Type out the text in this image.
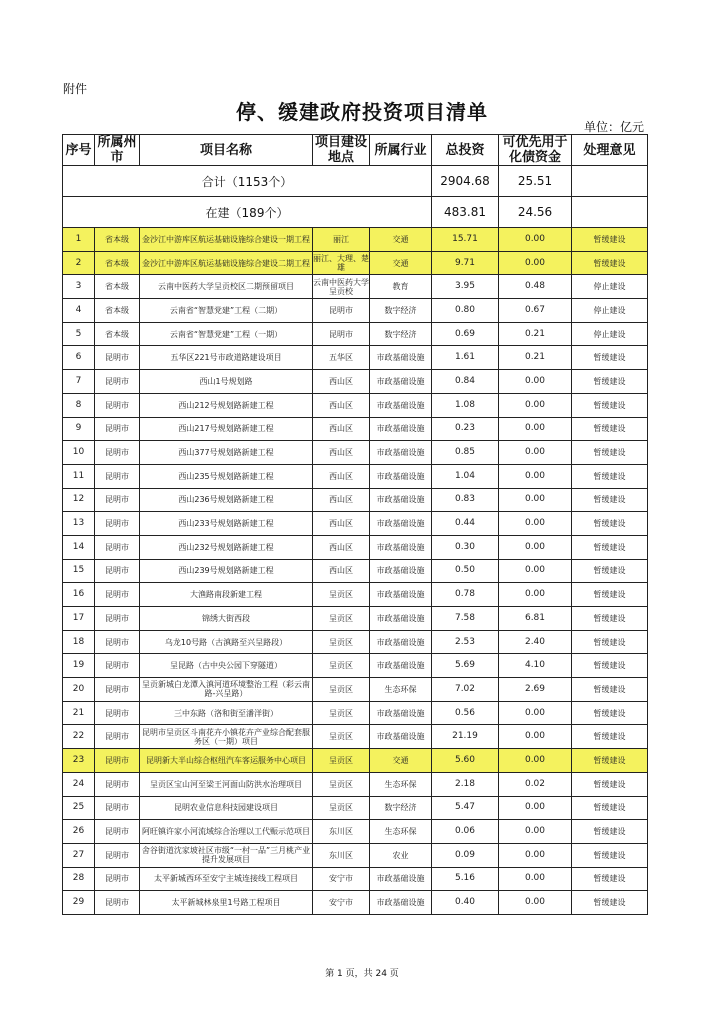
附件
停、缓建政府投资项目清单
单位：亿元
序号	所属州市	项目名称	项目建设地点	所属行业	总投资	可优先用于化债资金	处理意见
合计（1153个）					2904.68	25.51	
在建（189个）					483.81	24.56	
1	省本级	金沙江中游库区航运基础设施综合建设一期工程	丽江	交通	15.71	0.00	暂缓建设
2	省本级	金沙江中游库区航运基础设施综合建设二期工程	丽江、大理、楚雄	交通	9.71	0.00	暂缓建设
3	省本级	云南中医药大学呈贡校区二期预留项目	云南中医药大学呈贡校	教育	3.95	0.48	停止建设
4	省本级	云南省“智慧党建”工程（二期）	昆明市	数字经济	0.80	0.67	停止建设
5	省本级	云南省“智慧党建”工程（一期）	昆明市	数字经济	0.69	0.21	停止建设
6	昆明市	五华区221号市政道路建设项目	五华区	市政基础设施	1.61	0.21	暂缓建设
7	昆明市	西山1号规划路	西山区	市政基础设施	0.84	0.00	暂缓建设
8	昆明市	西山212号规划路新建工程	西山区	市政基础设施	1.08	0.00	暂缓建设
9	昆明市	西山217号规划路新建工程	西山区	市政基础设施	0.23	0.00	暂缓建设
10	昆明市	西山377号规划路新建工程	西山区	市政基础设施	0.85	0.00	暂缓建设
11	昆明市	西山235号规划路新建工程	西山区	市政基础设施	1.04	0.00	暂缓建设
12	昆明市	西山236号规划路新建工程	西山区	市政基础设施	0.83	0.00	暂缓建设
13	昆明市	西山233号规划路新建工程	西山区	市政基础设施	0.44	0.00	暂缓建设
14	昆明市	西山232号规划路新建工程	西山区	市政基础设施	0.30	0.00	暂缓建设
15	昆明市	西山239号规划路新建工程	西山区	市政基础设施	0.50	0.00	暂缓建设
16	昆明市	大渔路南段新建工程	呈贡区	市政基础设施	0.78	0.00	暂缓建设
17	昆明市	锦绣大街西段	呈贡区	市政基础设施	7.58	6.81	暂缓建设
18	昆明市	乌龙10号路（古滇路至兴呈路段）	呈贡区	市政基础设施	2.53	2.40	暂缓建设
19	昆明市	呈昆路（古中央公园下穿隧道）	呈贡区	市政基础设施	5.69	4.10	暂缓建设
20	昆明市	呈贡新城白龙潭入滇河道环境整治工程（彩云南路-兴呈路）	呈贡区	生态环保	7.02	2.69	暂缓建设
21	昆明市	三中东路（洛和街至潘洋街）	呈贡区	市政基础设施	0.56	0.00	暂缓建设
22	昆明市	昆明市呈贡区斗南花卉小镇花卉产业综合配套服务区（一期）项目	呈贡区	市政基础设施	21.19	0.00	暂缓建设
23	昆明市	昆明新大半山综合枢纽汽车客运服务中心项目	呈贡区	交通	5.60	0.00	暂缓建设
24	昆明市	呈贡区宝山河至梁王河面山防洪水治理项目	呈贡区	生态环保	2.18	0.02	暂缓建设
25	昆明市	昆明农业信息科技园建设项目	呈贡区	数字经济	5.47	0.00	暂缓建设
26	昆明市	阿旺镇许家小河流域综合治理以工代赈示范项目	东川区	生态环保	0.06	0.00	暂缓建设
27	昆明市	舍谷街道沈家坡社区市级“一村一品”三月桃产业提升发展项目	东川区	农业	0.09	0.00	暂缓建设
28	昆明市	太平新城西环至安宁主城连接线工程项目	安宁市	市政基础设施	5.16	0.00	暂缓建设
29	昆明市	太平新城林泉里1号路工程项目	安宁市	市政基础设施	0.40	0.00	暂缓建设
第 1 页，共 24 页
